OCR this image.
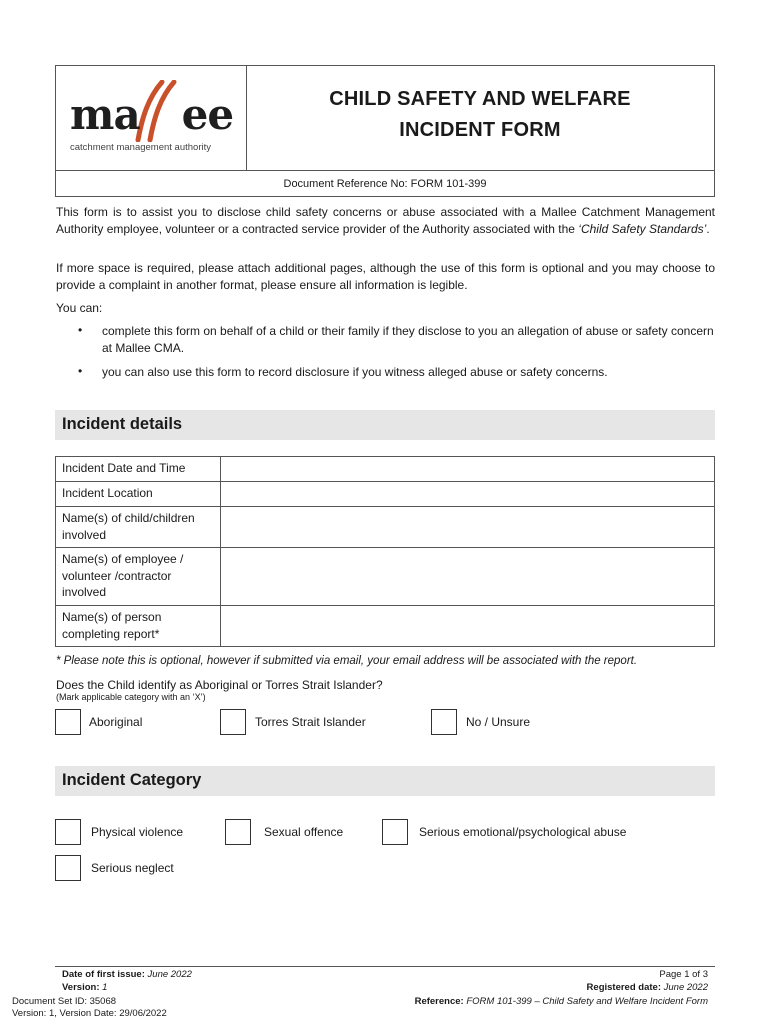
ma ee
catchment management authority
CHILD SAFETY AND WELFARE
INCIDENT FORM
Document Reference No: FORM 101-399
This form is to assist you to disclose child safety concerns or abuse associated with a Mallee Catchment Management Authority employee, volunteer or a contracted service provider of the Authority associated with the ‘Child Safety Standards’.
If more space is required, please attach additional pages, although the use of this form is optional and you may choose to provide a complaint in another format, please ensure all information is legible.
You can:
• complete this form on behalf of a child or their family if they disclose to you an allegation of abuse or safety concern at Mallee CMA.
• you can also use this form to record disclosure if you witness alleged abuse or safety concerns.
Incident details
Incident Date and Time	
Incident Location	
Name(s) of child/children involved	
Name(s) of employee / volunteer /contractor involved	
Name(s) of person completing report*	
* Please note this is optional, however if submitted via email, your email address will be associated with the report.
Does the Child identify as Aboriginal or Torres Strait Islander?
(Mark applicable category with an ‘X’)
Aboriginal	Torres Strait Islander	No / Unsure
Incident Category
Physical violence	Sexual offence	Serious emotional/psychological abuse
Serious neglect
Date of first issue: June 2022
Version: 1
Page 1 of 3
Registered date: June 2022
Reference: FORM 101-399 – Child Safety and Welfare Incident Form
Document Set ID: 35068
Version: 1, Version Date: 29/06/2022
